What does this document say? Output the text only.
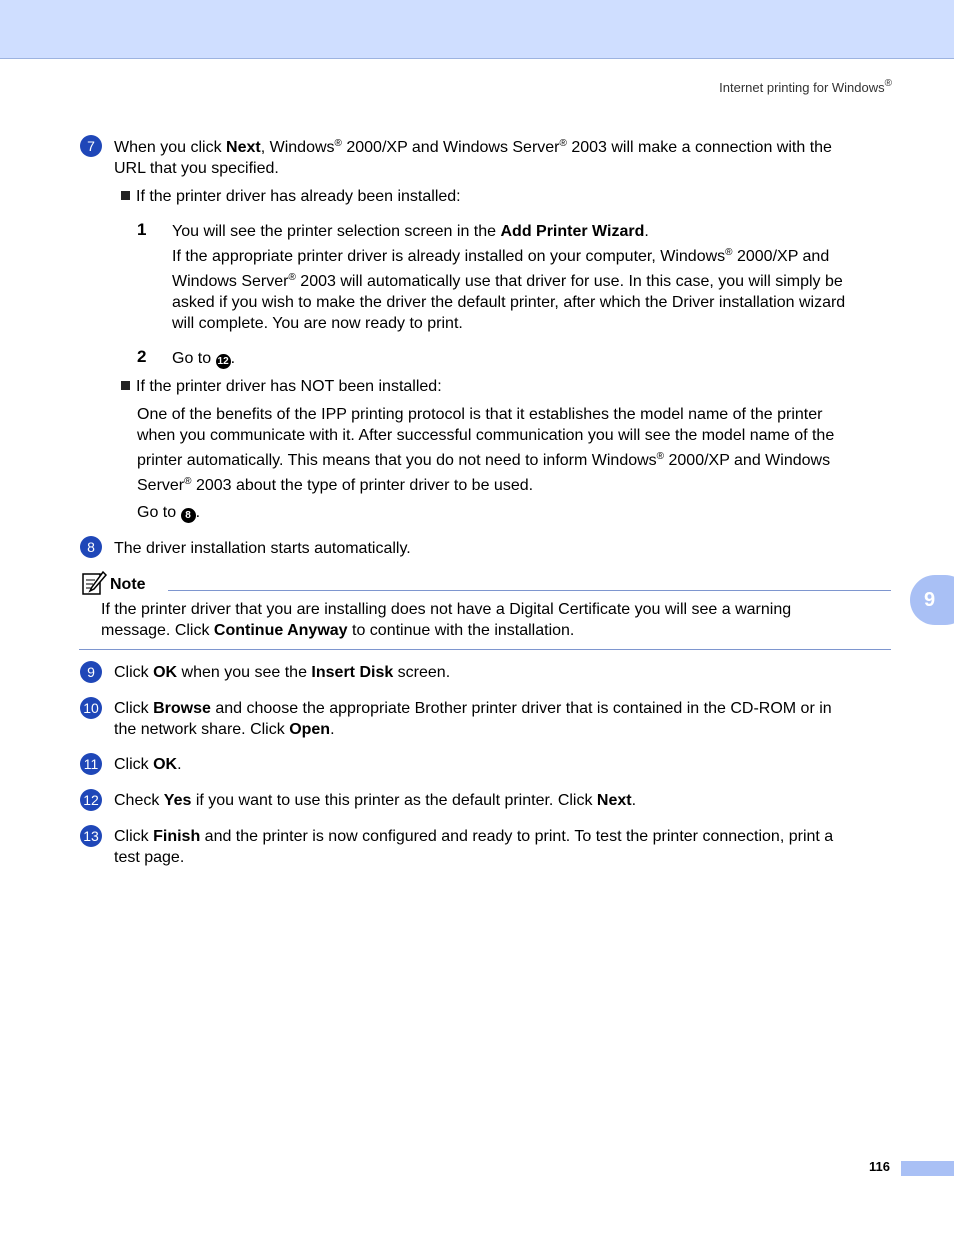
Internet printing for Windows®
7	When you click Next, Windows® 2000/XP and Windows Server® 2003 will make a connection with the
URL that you specified.
If the printer driver has already been installed:
1 You will see the printer selection screen in the Add Printer Wizard.
If the appropriate printer driver is already installed on your computer, Windows® 2000/XP and
Windows Server® 2003 will automatically use that driver for use. In this case, you will simply be
asked if you wish to make the driver the default printer, after which the Driver installation wizard
will complete. You are now ready to print.
2 Go to 12 .
If the printer driver has NOT been installed:
One of the benefits of the IPP printing protocol is that it establishes the model name of the printer
when you communicate with it. After successful communication you will see the model name of the
printer automatically. This means that you do not need to inform Windows® 2000/XP and Windows
Server® 2003 about the type of printer driver to be used.
Go to 8 .
8	The driver installation starts automatically.
Note
If the printer driver that you are installing does not have a Digital Certificate you will see a warning
message. Click Continue Anyway to continue with the installation.
9
9	Click OK when you see the Insert Disk screen.
10 Click Browse and choose the appropriate Brother printer driver that is contained in the CD-ROM or in
the network share. Click Open.
11 Click OK.
12 Check Yes if you want to use this printer as the default printer. Click Next.
13 Click Finish and the printer is now configured and ready to print. To test the printer connection, print a
test page.
116
